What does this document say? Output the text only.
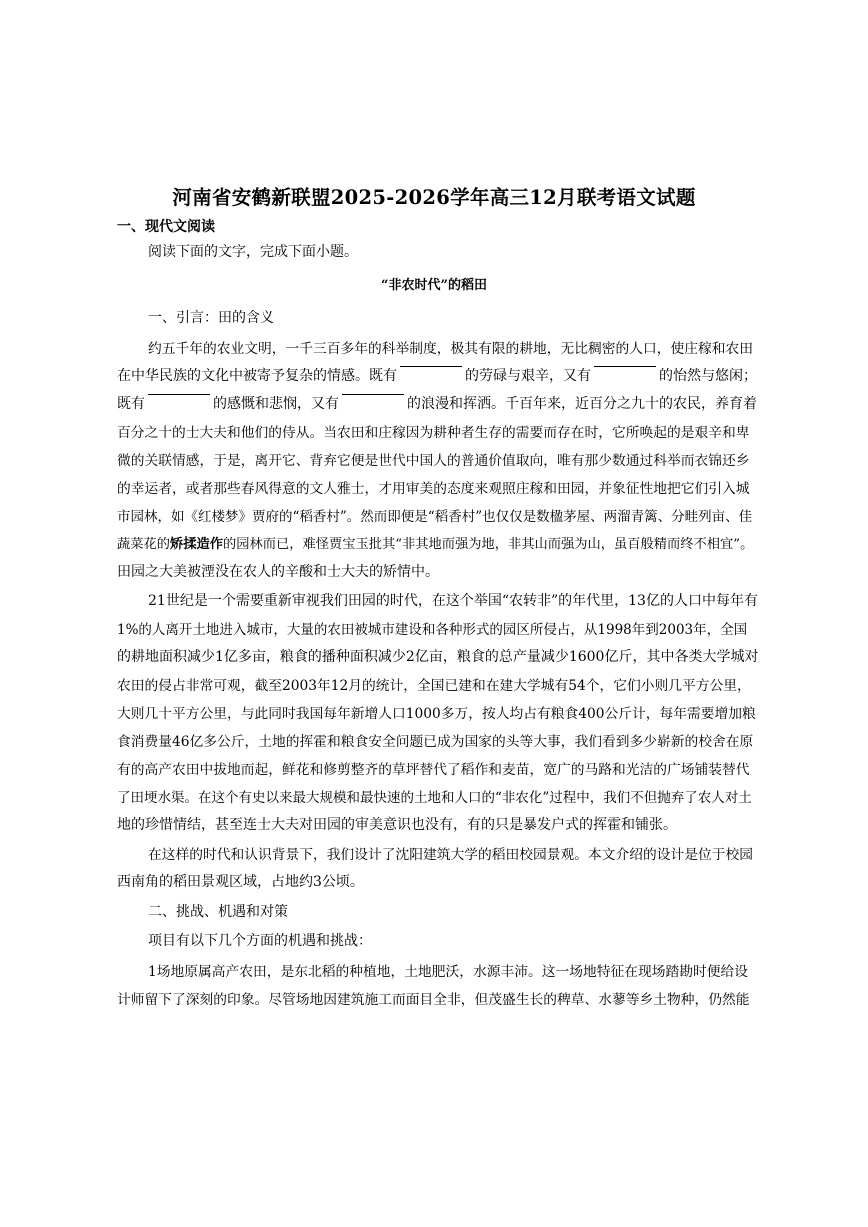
河南省安鹤新联盟2025-2026学年高三12月联考语文试题
一、现代文阅读
阅读下面的文字，完成下面小题。
“非农时代”的稻田
一、引言：田的含义
约五千年的农业文明，一千三百多年的科举制度，极其有限的耕地，无比稠密的人口，使庄稼和农田
在中华民族的文化中被寄予复杂的情感。既有	的劳碌与艰辛，又有	的怡然与悠闲；
既有	的感慨和悲悯，又有	的浪漫和挥洒。千百年来，近百分之九十的农民，养育着
百分之十的士大夫和他们的侍从。当农田和庄稼因为耕种者生存的需要而存在时，它所唤起的是艰辛和卑
微的关联情感，于是，离开它、背弃它便是世代中国人的普通价值取向，唯有那少数通过科举而衣锦还乡
的幸运者，或者那些春风得意的文人雅士，才用审美的态度来观照庄稼和田园，并象征性地把它们引入城
市园林，如《红楼梦》贾府的“稻香村”。然而即便是“稻香村”也仅仅是数楹茅屋、两溜青篱、分畦列亩、佳
蔬菜花的 矫揉造作 的园林而已，难怪贾宝玉批其“非其地而强为地，非其山而强为山，虽百般精而终不相宜”。
田园之大美被湮没在农人的辛酸和士大夫的矫情中。
21世纪是一个需要重新审视我们田园的时代，在这个举国“农转非”的年代里，13亿的人口中每年有
1%的人离开土地进入城市，大量的农田被城市建设和各种形式的园区所侵占，从1998年到2003年，全国
的耕地面积减少1亿多亩，粮食的播种面积减少2亿亩，粮食的总产量减少1600亿斤，其中各类大学城对
农田的侵占非常可观，截至2003年12月的统计，全国已建和在建大学城有54个，它们小则几平方公里，
大则几十平方公里，与此同时我国每年新增人口1000多万，按人均占有粮食400公斤计，每年需要增加粮
食消费量46亿多公斤，土地的挥霍和粮食安全问题已成为国家的头等大事，我们看到多少崭新的校舍在原
有的高产农田中拔地而起，鲜花和修剪整齐的草坪替代了稻作和麦苗，宽广的马路和光洁的广场铺装替代
了田埂水渠。在这个有史以来最大规模和最快速的土地和人口的“非农化”过程中，我们不但抛弃了农人对土
地的珍惜情结，甚至连士大夫对田园的审美意识也没有，有的只是暴发户式的挥霍和铺张。
在这样的时代和认识背景下，我们设计了沈阳建筑大学的稻田校园景观。本文介绍的设计是位于校园
西南角的稻田景观区域，占地约3公顷。
二、挑战、机遇和对策
项目有以下几个方面的机遇和挑战：
1场地原属高产农田，是东北稻的种植地，土地肥沃，水源丰沛。这一场地特征在现场踏勘时便给设
计师留下了深刻的印象。尽管场地因建筑施工而面目全非，但茂盛生长的稗草、水蓼等乡土物种，仍然能
